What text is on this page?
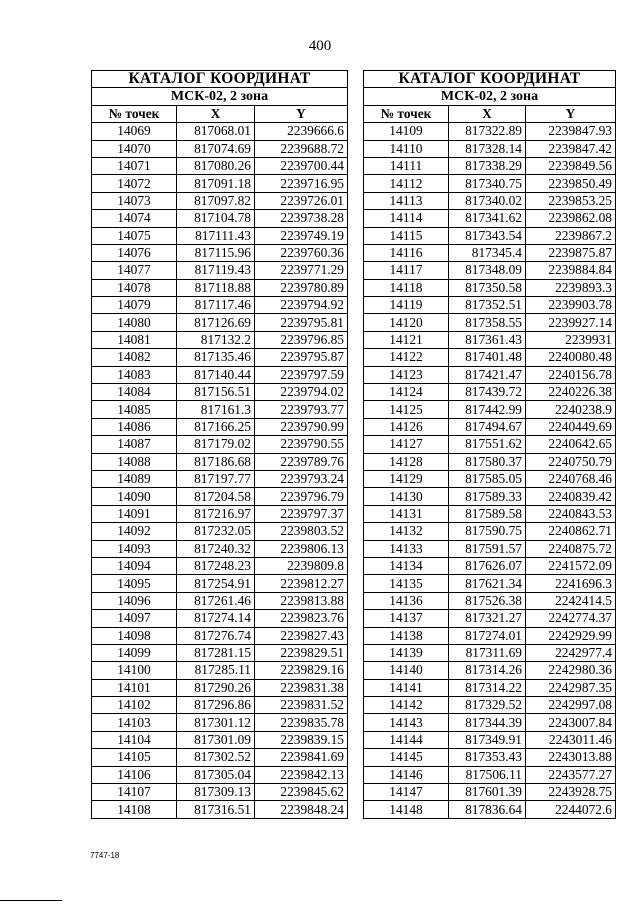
400
КАТАЛОГ КООРДИНАТ		
МСК-02, 2 зона		
№ точек	X	Y
14069	817068.01	2239666.6
14070	817074.69	2239688.72
14071	817080.26	2239700.44
14072	817091.18	2239716.95
14073	817097.82	2239726.01
14074	817104.78	2239738.28
14075	817111.43	2239749.19
14076	817115.96	2239760.36
14077	817119.43	2239771.29
14078	817118.88	2239780.89
14079	817117.46	2239794.92
14080	817126.69	2239795.81
14081	817132.2	2239796.85
14082	817135.46	2239795.87
14083	817140.44	2239797.59
14084	817156.51	2239794.02
14085	817161.3	2239793.77
14086	817166.25	2239790.99
14087	817179.02	2239790.55
14088	817186.68	2239789.76
14089	817197.77	2239793.24
14090	817204.58	2239796.79
14091	817216.97	2239797.37
14092	817232.05	2239803.52
14093	817240.32	2239806.13
14094	817248.23	2239809.8
14095	817254.91	2239812.27
14096	817261.46	2239813.88
14097	817274.14	2239823.76
14098	817276.74	2239827.43
14099	817281.15	2239829.51
14100	817285.11	2239829.16
14101	817290.26	2239831.38
14102	817296.86	2239831.52
14103	817301.12	2239835.78
14104	817301.09	2239839.15
14105	817302.52	2239841.69
14106	817305.04	2239842.13
14107	817309.13	2239845.62
14108	817316.51	2239848.24
КАТАЛОГ КООРДИНАТ		
МСК-02, 2 зона		
№ точек	X	Y
14109	817322.89	2239847.93
14110	817328.14	2239847.42
14111	817338.29	2239849.56
14112	817340.75	2239850.49
14113	817340.02	2239853.25
14114	817341.62	2239862.08
14115	817343.54	2239867.2
14116	817345.4	2239875.87
14117	817348.09	2239884.84
14118	817350.58	2239893.3
14119	817352.51	2239903.78
14120	817358.55	2239927.14
14121	817361.43	2239931
14122	817401.48	2240080.48
14123	817421.47	2240156.78
14124	817439.72	2240226.38
14125	817442.99	2240238.9
14126	817494.67	2240449.69
14127	817551.62	2240642.65
14128	817580.37	2240750.79
14129	817585.05	2240768.46
14130	817589.33	2240839.42
14131	817589.58	2240843.53
14132	817590.75	2240862.71
14133	817591.57	2240875.72
14134	817626.07	2241572.09
14135	817621.34	2241696.3
14136	817526.38	2242414.5
14137	817321.27	2242774.37
14138	817274.01	2242929.99
14139	817311.69	2242977.4
14140	817314.26	2242980.36
14141	817314.22	2242987.35
14142	817329.52	2242997.08
14143	817344.39	2243007.84
14144	817349.91	2243011.46
14145	817353.43	2243013.88
14146	817506.11	2243577.27
14147	817601.39	2243928.75
14148	817836.64	2244072.6
7747-18
